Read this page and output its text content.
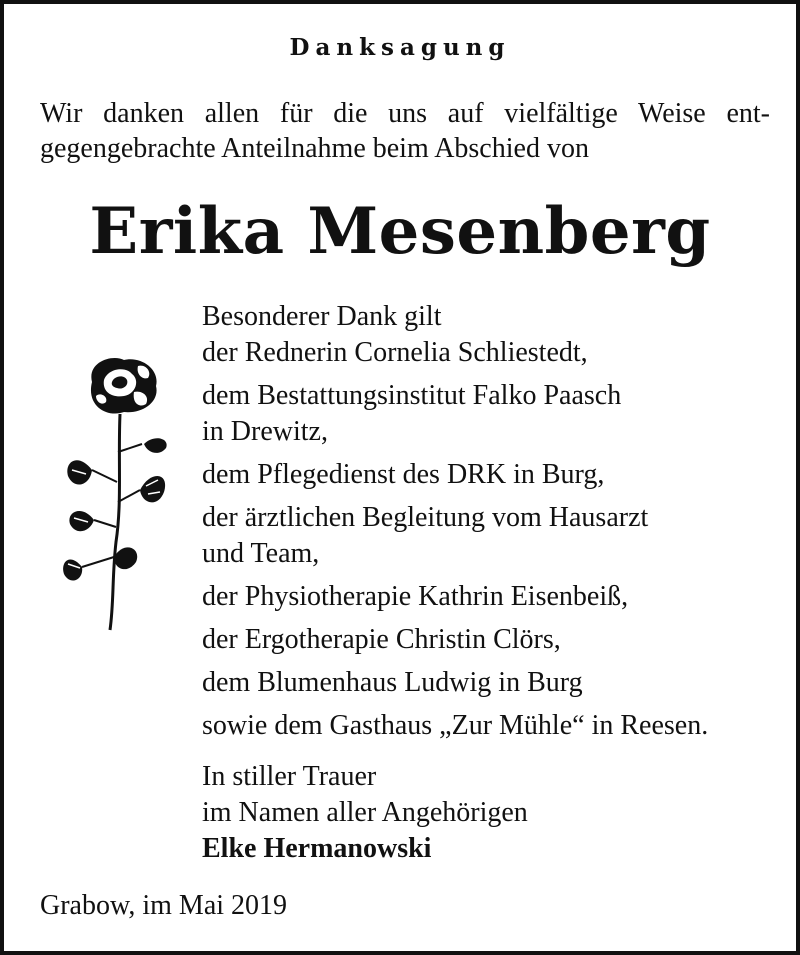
Danksagung
Wir danken allen für die uns auf vielfältige Weise ent-
gegengebrachte Anteilnahme beim Abschied von
Erika Mesenberg
Besonderer Dank gilt
der Rednerin Cornelia Schliestedt,
dem Bestattungsinstitut Falko Paasch
in Drewitz,
dem Pflegedienst des DRK in Burg,
der ärztlichen Begleitung vom Hausarzt
und Team,
der Physiotherapie Kathrin Eisenbeiß,
der Ergotherapie Christin Clörs,
dem Blumenhaus Ludwig in Burg
sowie dem Gasthaus „Zur Mühle“ in Reesen.
In stiller Trauer
im Namen aller Angehörigen
Elke Hermanowski
Grabow, im Mai 2019
